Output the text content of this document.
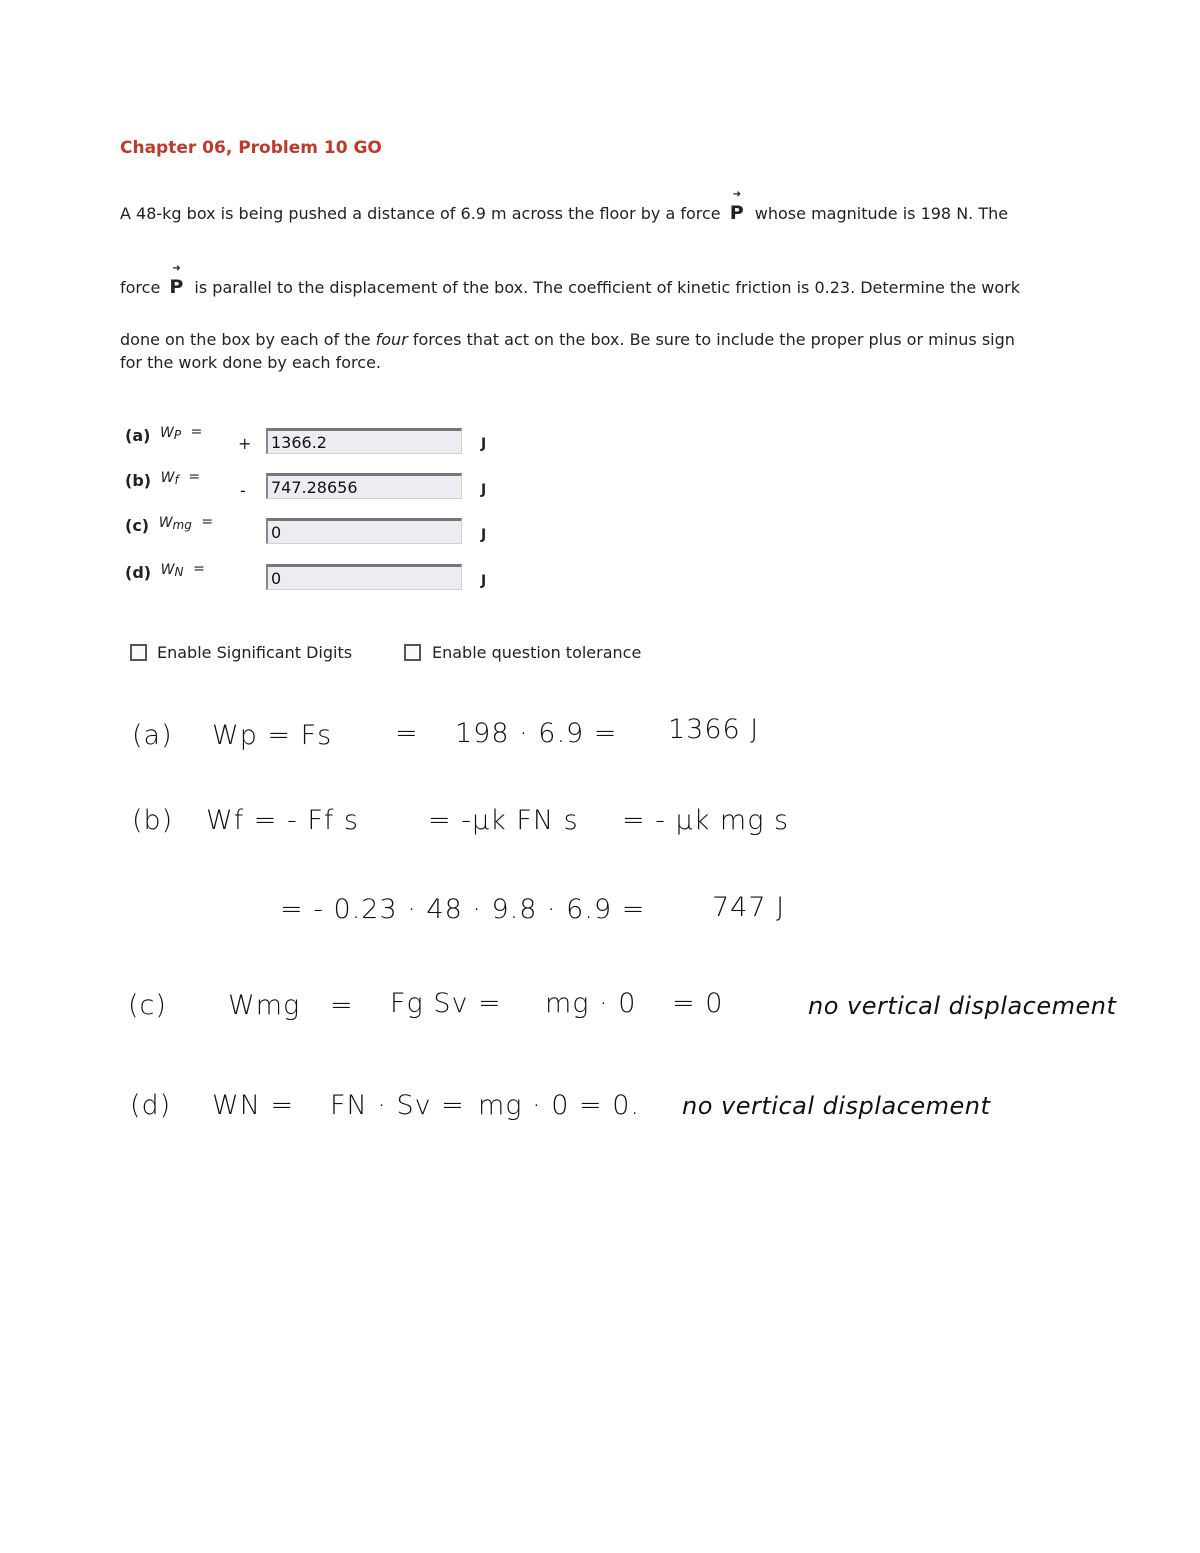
Chapter 06, Problem 10 GO
A 48-kg box is being pushed a distance of 6.9 m across the floor by a force
➜
P whose magnitude is 198 N. The
force
➜
P is parallel to the displacement of the box. The coefficient of kinetic friction is 0.23. Determine the work
done on the box by each of the four forces that act on the box. Be sure to include the proper plus or minus sign
for the work done by each force.
(a) WP =
+
1366.2	J
(b) Wf =
-
747.28656	J
(c) Wmg =
0
J
(d) WN =
0
J
Enable Significant Digits	Enable question tolerance
(a) Wp = Fs = 198 · 6.9 = 1366 J
(b) Wf = - Ff s	= -μk FN s = - μk mg s
= - 0.23 · 48 · 9.8 · 6.9 = 747 J
(c) Wmg = Fg Sv = mg · 0 = 0	no vertical displacement
(d) WN = FN · Sv = mg · 0 = 0. no vertical displacement
